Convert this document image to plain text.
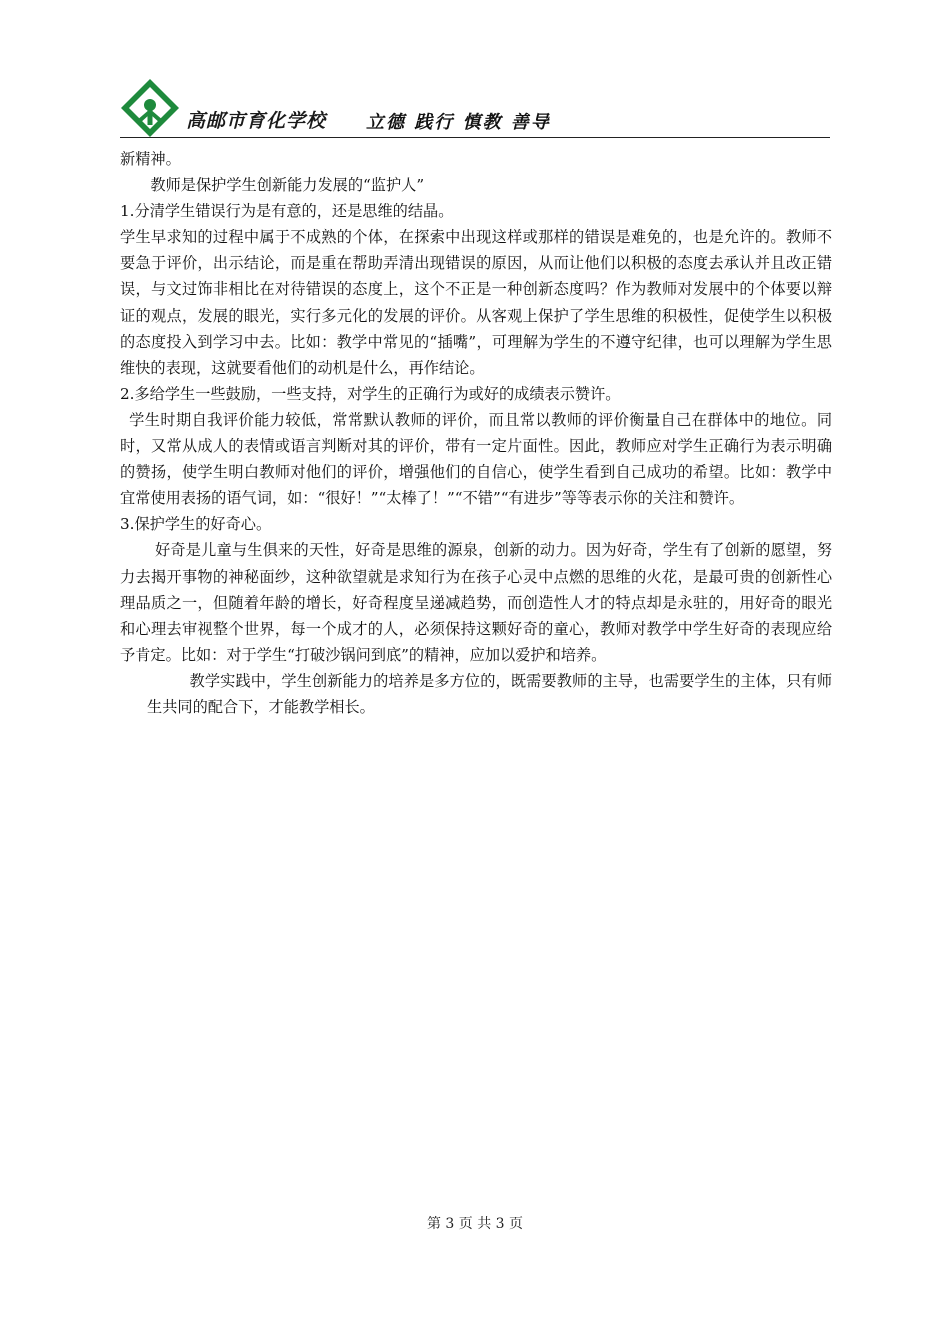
高邮市育化学校 立德 践行 慎教 善导

新精神。

教师是保护学生创新能力发展的“监护人”

1.分清学生错误行为是有意的，还是思维的结晶。

学生早求知的过程中属于不成熟的个体，在探索中出现这样或那样的错误是难免的，也是允许的。教师不要急于评价，出示结论，而是重在帮助弄清出现错误的原因，从而让他们以积极的态度去承认并且改正错误，与文过饰非相比在对待错误的态度上，这个不正是一种创新态度吗？作为教师对发展中的个体要以辩证的观点，发展的眼光，实行多元化的发展的评价。从客观上保护了学生思维的积极性，促使学生以积极的态度投入到学习中去。比如：教学中常见的“插嘴”，可理解为学生的不遵守纪律，也可以理解为学生思维快的表现，这就要看他们的动机是什么，再作结论。

2.多给学生一些鼓励，一些支持，对学生的正确行为或好的成绩表示赞许。

学生时期自我评价能力较低，常常默认教师的评价，而且常以教师的评价衡量自己在群体中的地位。同时，又常从成人的表情或语言判断对其的评价，带有一定片面性。因此，教师应对学生正确行为表示明确的赞扬，使学生明白教师对他们的评价，增强他们的自信心，使学生看到自己成功的希望。比如：教学中宜常使用表扬的语气词，如：“很好！”“太棒了！”“不错”“有进步”等等表示你的关注和赞许。

3.保护学生的好奇心。

好奇是儿童与生俱来的天性，好奇是思维的源泉，创新的动力。因为好奇，学生有了创新的愿望，努力去揭开事物的神秘面纱，这种欲望就是求知行为在孩子心灵中点燃的思维的火花，是最可贵的创新性心理品质之一，但随着年龄的增长，好奇程度呈递减趋势，而创造性人才的特点却是永驻的，用好奇的眼光和心理去审视整个世界，每一个成才的人，必须保持这颗好奇的童心，教师对教学中学生好奇的表现应给予肯定。比如：对于学生“打破沙锅问到底”的精神，应加以爱护和培养。

教学实践中，学生创新能力的培养是多方位的，既需要教师的主导，也需要学生的主体，只有师生共同的配合下，才能教学相长。

第 3 页 共 3 页
